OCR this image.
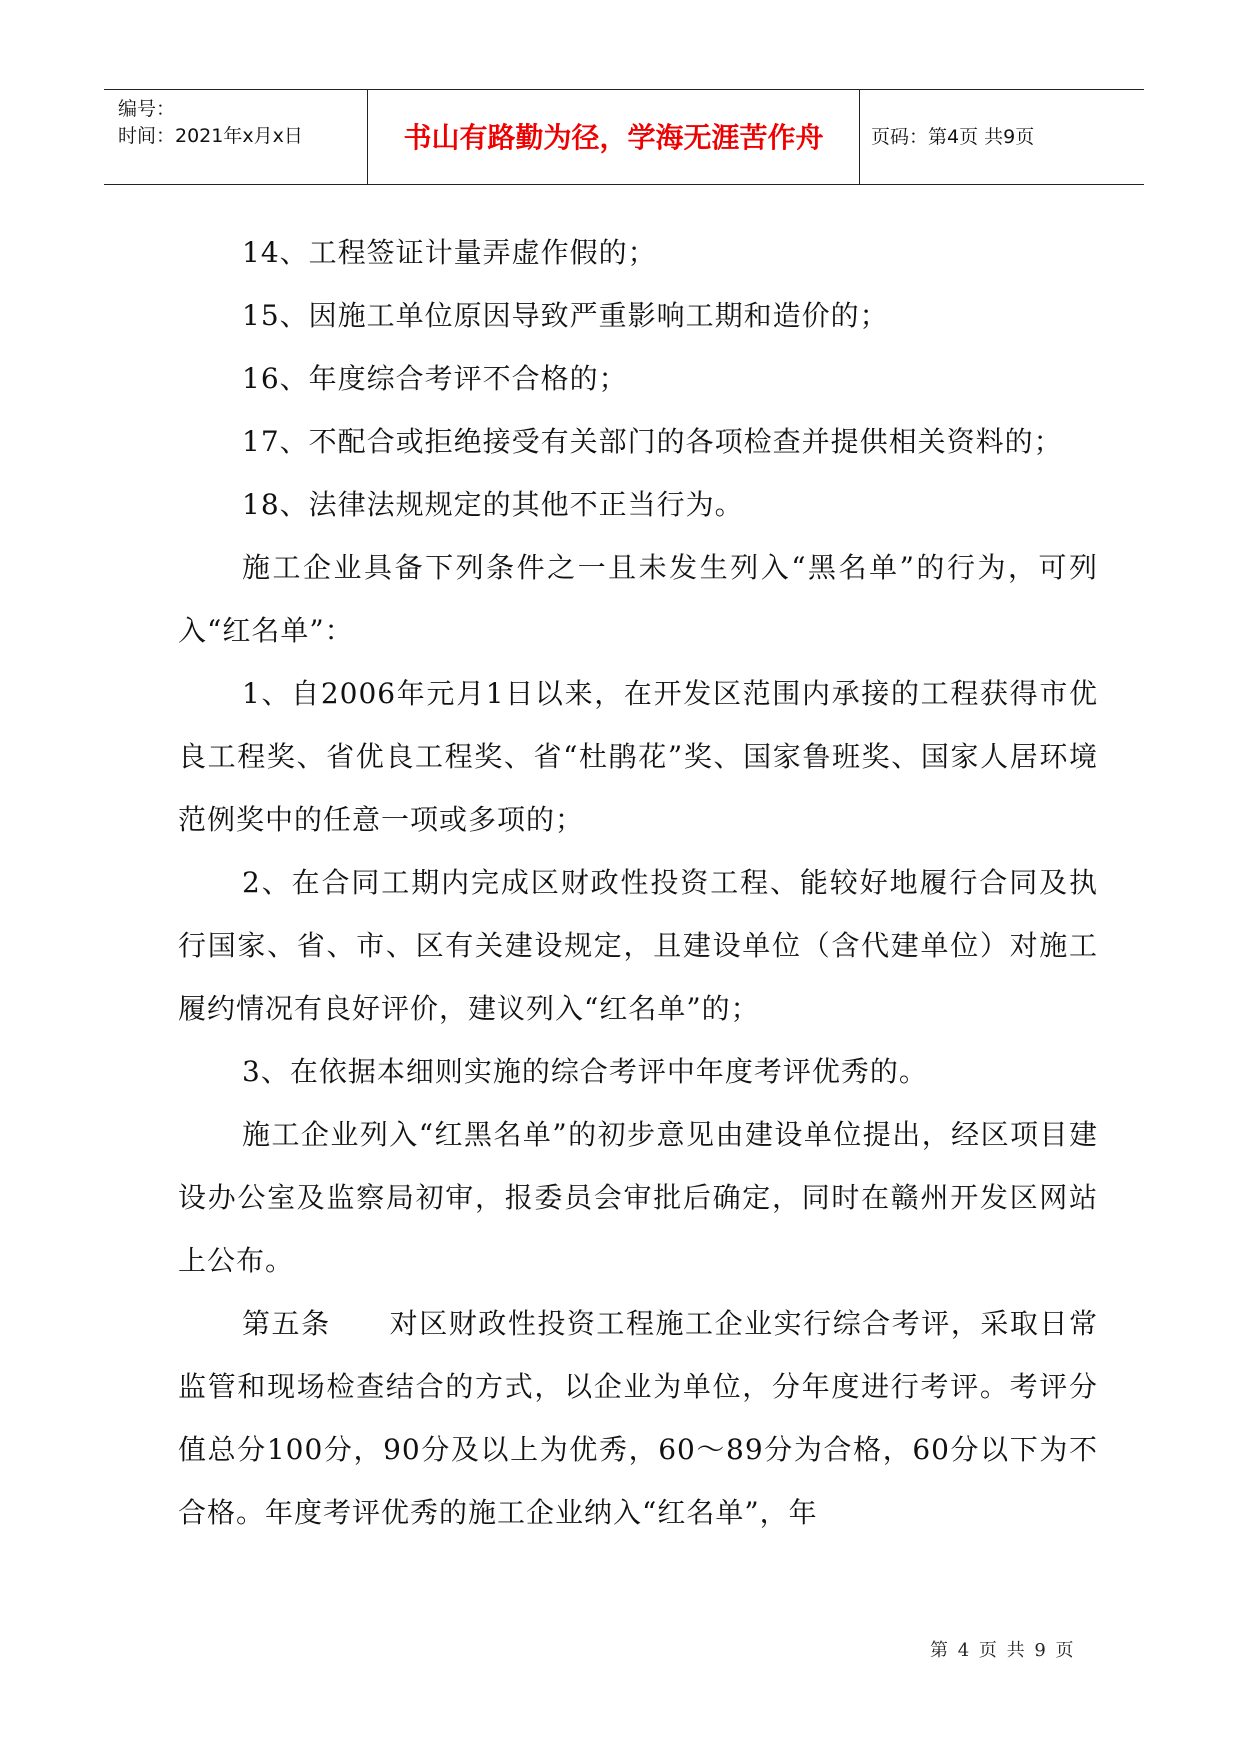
编号：
时间：2021年x月x日	书山有路勤为径，学海无涯苦作舟	页码：第4页 共9页

14、工程签证计量弄虚作假的；

15、因施工单位原因导致严重影响工期和造价的；

16、年度综合考评不合格的；

17、不配合或拒绝接受有关部门的各项检查并提供相关资料的；

18、法律法规规定的其他不正当行为。

施工企业具备下列条件之一且未发生列入“黑名单”的行为，可列入“红名单”：

1、自2006年元月1日以来，在开发区范围内承接的工程获得市优良工程奖、省优良工程奖、省“杜鹃花”奖、国家鲁班奖、国家人居环境范例奖中的任意一项或多项的；

2、在合同工期内完成区财政性投资工程、能较好地履行合同及执行国家、省、市、区有关建设规定，且建设单位（含代建单位）对施工履约情况有良好评价，建议列入“红名单”的；

3、在依据本细则实施的综合考评中年度考评优秀的。

施工企业列入“红黑名单”的初步意见由建设单位提出，经区项目建设办公室及监察局初审，报委员会审批后确定，同时在赣州开发区网站上公布。

第五条　　对区财政性投资工程施工企业实行综合考评，采取日常监管和现场检查结合的方式，以企业为单位，分年度进行考评。考评分值总分100分，90分及以上为优秀，60～89分为合格，60分以下为不合格。年度考评优秀的施工企业纳入“红名单”，年

第 4 页 共 9 页
